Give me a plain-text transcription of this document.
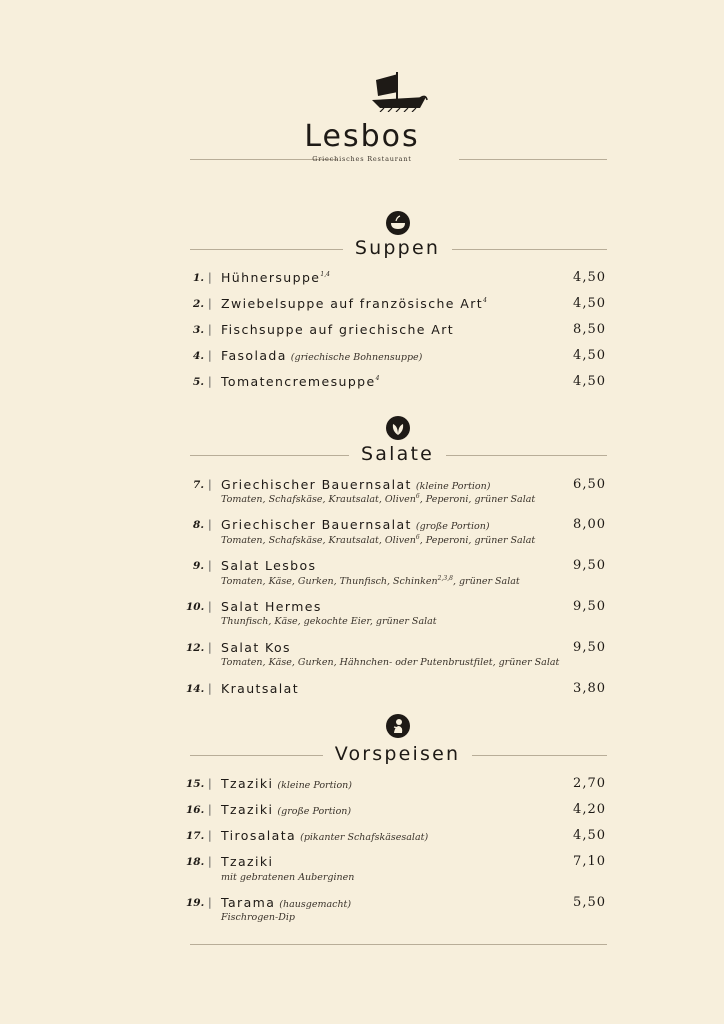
Lesbos
Griechisches Restaurant
Suppen
1. | Hühnersuppe$^{1,4}$	4,50
2. | Zwiebelsuppe auf französische Art$^4$	4,50
3. | Fischsuppe auf griechische Art	8,50
4. | Fasolada (griechische Bohnensuppe)	4,50
5. | Tomatencremesuppe$^4$	4,50
Salate
7. | Griechischer Bauernsalat (kleine Portion)
Tomaten, Schafskäse, Krautsalat, Oliven$^6$, Peperoni, grüner Salat
6,50
8. | Griechischer Bauernsalat (große Portion)
Tomaten, Schafskäse, Krautsalat, Oliven$^6$, Peperoni, grüner Salat
8,00
9. | Salat Lesbos
Tomaten, Käse, Gurken, Thunfisch, Schinken$^{2,3,8}$, grüner Salat
9,50
10. | Salat Hermes
Thunfisch, Käse, gekochte Eier, grüner Salat
9,50
12. | Salat Kos
Tomaten, Käse, Gurken, Hähnchen- oder Putenbrustfilet, grüner Salat
9,50
14. | Krautsalat	3,80
Vorspeisen
15. | Tzaziki (kleine Portion)	2,70
16. | Tzaziki (große Portion)	4,20
17. | Tirosalata (pikanter Schafskäsesalat)	4,50
18. | Tzaziki
mit gebratenen Auberginen
7,10
19. | Tarama (hausgemacht)
Fischrogen-Dip
5,50
